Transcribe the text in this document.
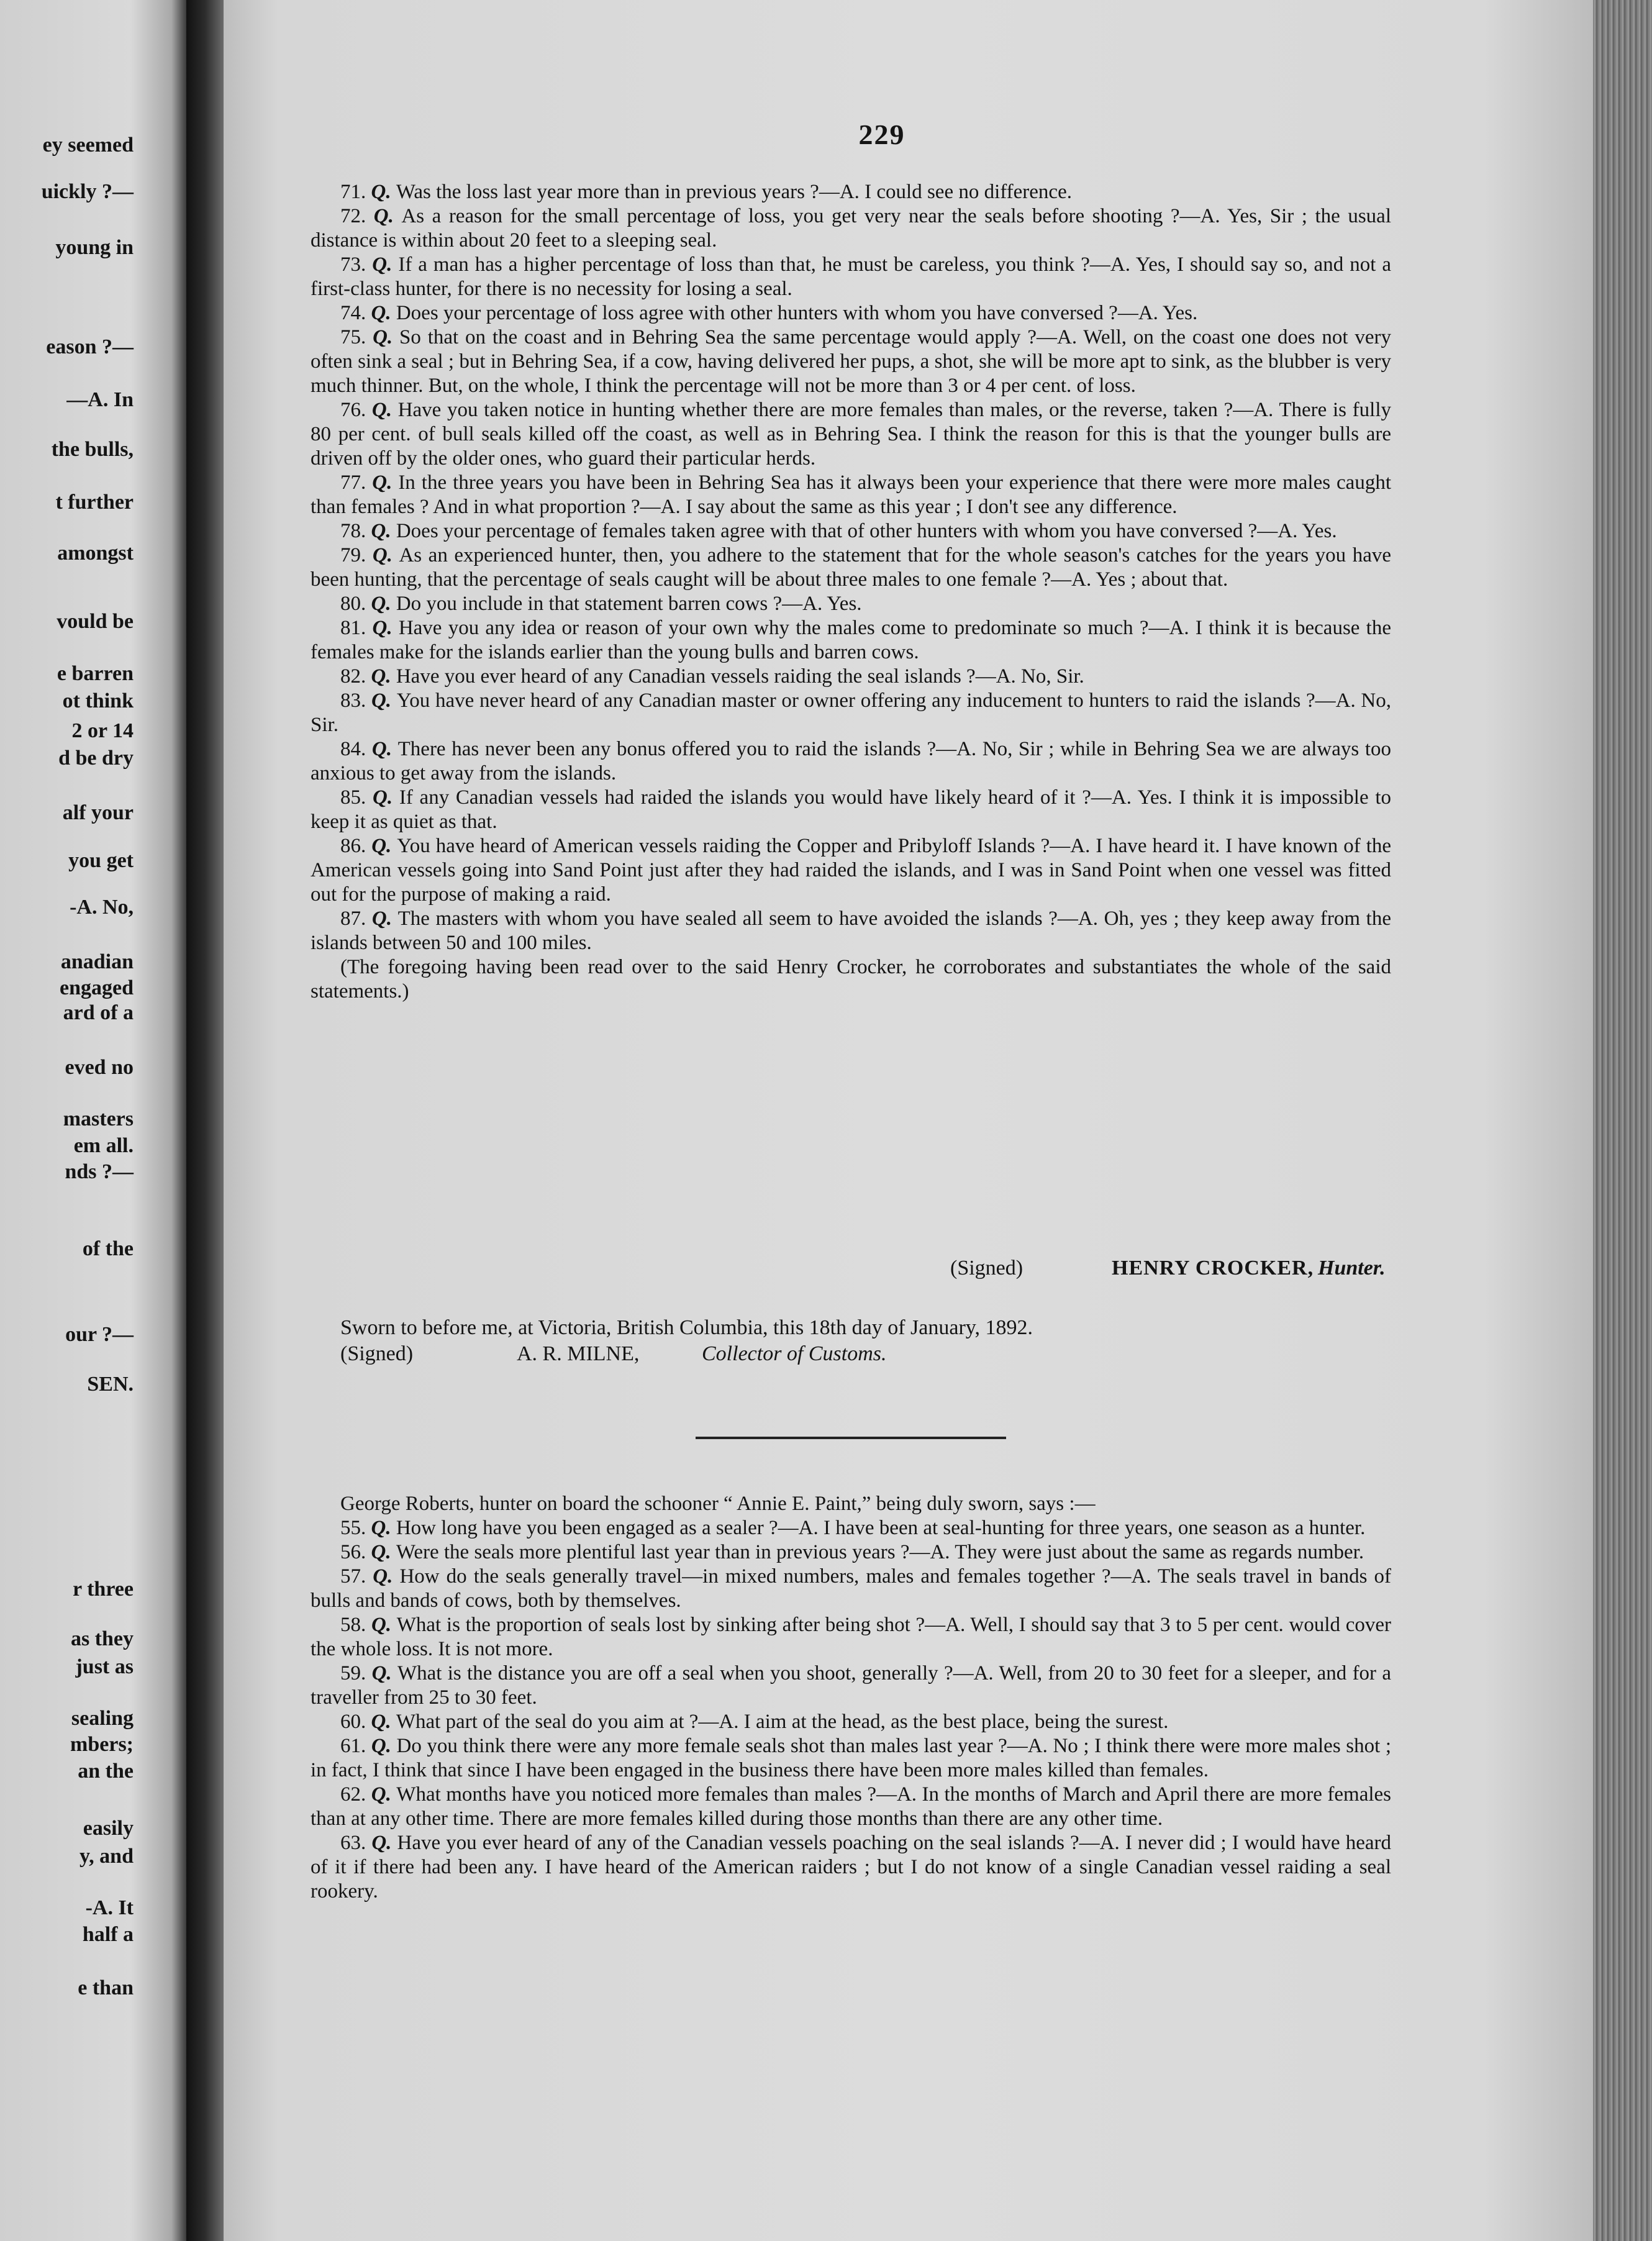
ey seemed
uickly ?—
young in
eason ?—
—A. In
the bulls,
t further
amongst
vould be
e barren
ot think
2 or 14
d be dry
alf your
you get
-A. No,
anadian
engaged
ard of a
eved no
masters
em all.
nds ?—
of the
our ?—
SEN.
r three
as they
just as
sealing
mbers;
an the
easily
y, and
-A. It
half a
e than
229

71. Q. Was the loss last year more than in previous years ?—A. I could see no difference.

72. Q. As a reason for the small percentage of loss, you get very near the seals before shooting ?—A. Yes, Sir ; the usual distance is within about 20 feet to a sleeping seal.

73. Q. If a man has a higher percentage of loss than that, he must be careless, you think ?—A. Yes, I should say so, and not a first-class hunter, for there is no necessity for losing a seal.

74. Q. Does your percentage of loss agree with other hunters with whom you have conversed ?—A. Yes.

75. Q. So that on the coast and in Behring Sea the same percentage would apply ?—A. Well, on the coast one does not very often sink a seal ; but in Behring Sea, if a cow, having delivered her pups, a shot, she will be more apt to sink, as the blubber is very much thinner. But, on the whole, I think the percentage will not be more than 3 or 4 per cent. of loss.

76. Q. Have you taken notice in hunting whether there are more females than males, or the reverse, taken ?—A. There is fully 80 per cent. of bull seals killed off the coast, as well as in Behring Sea. I think the reason for this is that the younger bulls are driven off by the older ones, who guard their particular herds.

77. Q. In the three years you have been in Behring Sea has it always been your experience that there were more males caught than females ? And in what proportion ?—A. I say about the same as this year ; I don't see any difference.

78. Q. Does your percentage of females taken agree with that of other hunters with whom you have conversed ?—A. Yes.

79. Q. As an experienced hunter, then, you adhere to the statement that for the whole season's catches for the years you have been hunting, that the percentage of seals caught will be about three males to one female ?—A. Yes ; about that.

80. Q. Do you include in that statement barren cows ?—A. Yes.

81. Q. Have you any idea or reason of your own why the males come to predominate so much ?—A. I think it is because the females make for the islands earlier than the young bulls and barren cows.

82. Q. Have you ever heard of any Canadian vessels raiding the seal islands ?—A. No, Sir.

83. Q. You have never heard of any Canadian master or owner offering any inducement to hunters to raid the islands ?—A. No, Sir.

84. Q. There has never been any bonus offered you to raid the islands ?—A. No, Sir ; while in Behring Sea we are always too anxious to get away from the islands.

85. Q. If any Canadian vessels had raided the islands you would have likely heard of it ?—A. Yes. I think it is impossible to keep it as quiet as that.

86. Q. You have heard of American vessels raiding the Copper and Pribyloff Islands ?—A. I have heard it. I have known of the American vessels going into Sand Point just after they had raided the islands, and I was in Sand Point when one vessel was fitted out for the purpose of making a raid.

87. Q. The masters with whom you have sealed all seem to have avoided the islands ?—A. Oh, yes ; they keep away from the islands between 50 and 100 miles.

(The foregoing having been read over to the said Henry Crocker, he corroborates and substantiates the whole of the said statements.)

(Signed)	HENRY CROCKER, Hunter.
Sworn to before me, at Victoria, British Columbia, this 18th day of January, 1892.
(Signed)	A. R. MILNE,	Collector of Customs.

George Roberts, hunter on board the schooner “ Annie E. Paint,” being duly sworn, says :—

55. Q. How long have you been engaged as a sealer ?—A. I have been at seal-hunting for three years, one season as a hunter.

56. Q. Were the seals more plentiful last year than in previous years ?—A. They were just about the same as regards number.

57. Q. How do the seals generally travel—in mixed numbers, males and females together ?—A. The seals travel in bands of bulls and bands of cows, both by themselves.

58. Q. What is the proportion of seals lost by sinking after being shot ?—A. Well, I should say that 3 to 5 per cent. would cover the whole loss. It is not more.

59. Q. What is the distance you are off a seal when you shoot, generally ?—A. Well, from 20 to 30 feet for a sleeper, and for a traveller from 25 to 30 feet.

60. Q. What part of the seal do you aim at ?—A. I aim at the head, as the best place, being the surest.

61. Q. Do you think there were any more female seals shot than males last year ?—A. No ; I think there were more males shot ; in fact, I think that since I have been engaged in the business there have been more males killed than females.

62. Q. What months have you noticed more females than males ?—A. In the months of March and April there are more females than at any other time. There are more females killed during those months than there are any other time.

63. Q. Have you ever heard of any of the Canadian vessels poaching on the seal islands ?—A. I never did ; I would have heard of it if there had been any. I have heard of the American raiders ; but I do not know of a single Canadian vessel raiding a seal rookery.
